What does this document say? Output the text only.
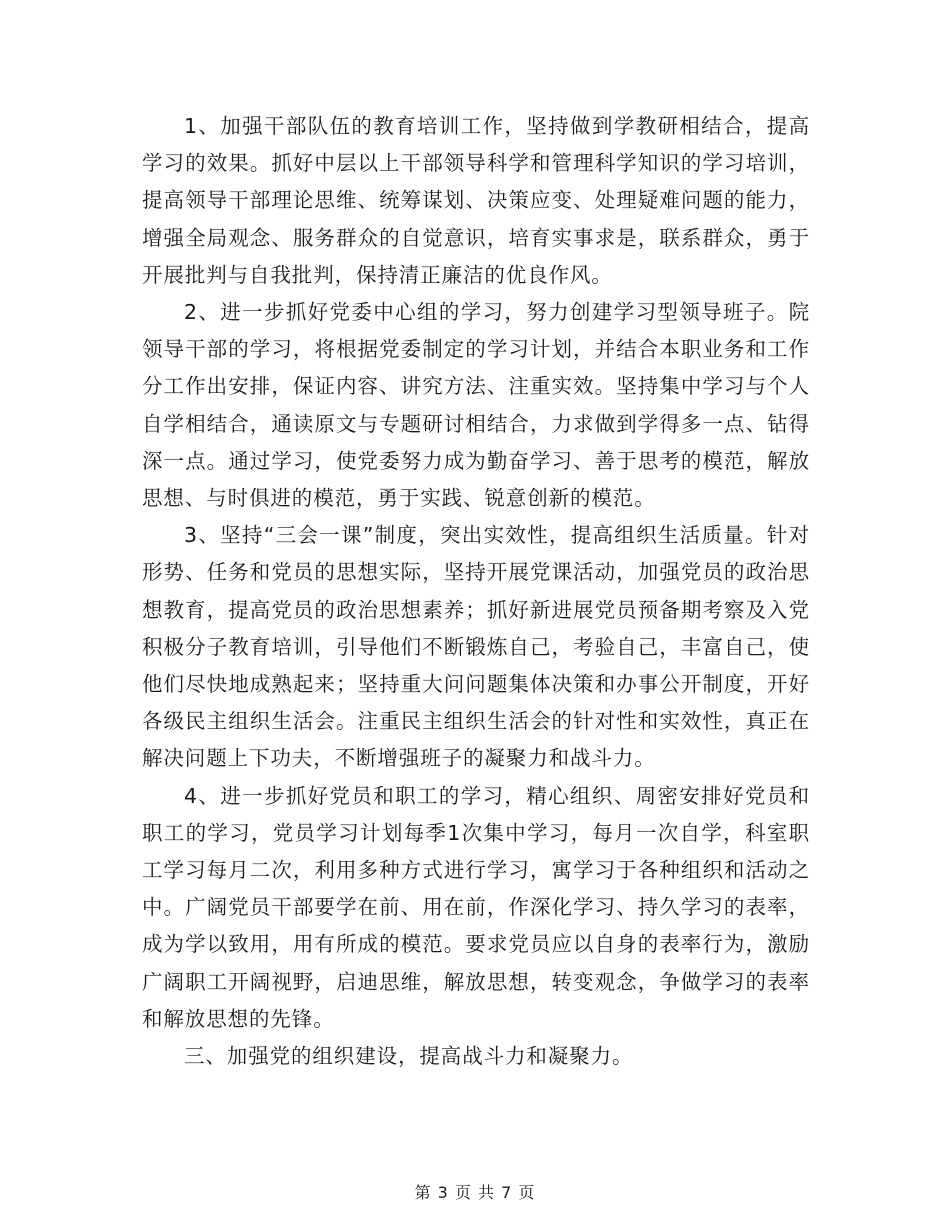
1、加强干部队伍的教育培训工作，坚持做到学教研相结合，提高学习的效果。抓好中层以上干部领导科学和管理科学知识的学习培训，提高领导干部理论思维、统筹谋划、决策应变、处理疑难问题的能力，增强全局观念、服务群众的自觉意识，培育实事求是，联系群众，勇于开展批判与自我批判，保持清正廉洁的优良作风。

2、进一步抓好党委中心组的学习，努力创建学习型领导班子。院领导干部的学习，将根据党委制定的学习计划，并结合本职业务和工作分工作出安排，保证内容、讲究方法、注重实效。坚持集中学习与个人自学相结合，通读原文与专题研讨相结合，力求做到学得多一点、钻得深一点。通过学习，使党委努力成为勤奋学习、善于思考的模范，解放思想、与时俱进的模范，勇于实践、锐意创新的模范。

3、坚持“三会一课”制度，突出实效性，提高组织生活质量。针对形势、任务和党员的思想实际，坚持开展党课活动，加强党员的政治思想教育，提高党员的政治思想素养；抓好新进展党员预备期考察及入党积极分子教育培训，引导他们不断锻炼自己，考验自己，丰富自己，使他们尽快地成熟起来；坚持重大问问题集体决策和办事公开制度，开好各级民主组织生活会。注重民主组织生活会的针对性和实效性，真正在解决问题上下功夫，不断增强班子的凝聚力和战斗力。

4、进一步抓好党员和职工的学习，精心组织、周密安排好党员和职工的学习，党员学习计划每季1次集中学习，每月一次自学，科室职工学习每月二次，利用多种方式进行学习，寓学习于各种组织和活动之中。广阔党员干部要学在前、用在前，作深化学习、持久学习的表率，成为学以致用，用有所成的模范。要求党员应以自身的表率行为，激励广阔职工开阔视野，启迪思维，解放思想，转变观念，争做学习的表率和解放思想的先锋。

三、加强党的组织建设，提高战斗力和凝聚力。

第 3 页 共 7 页
